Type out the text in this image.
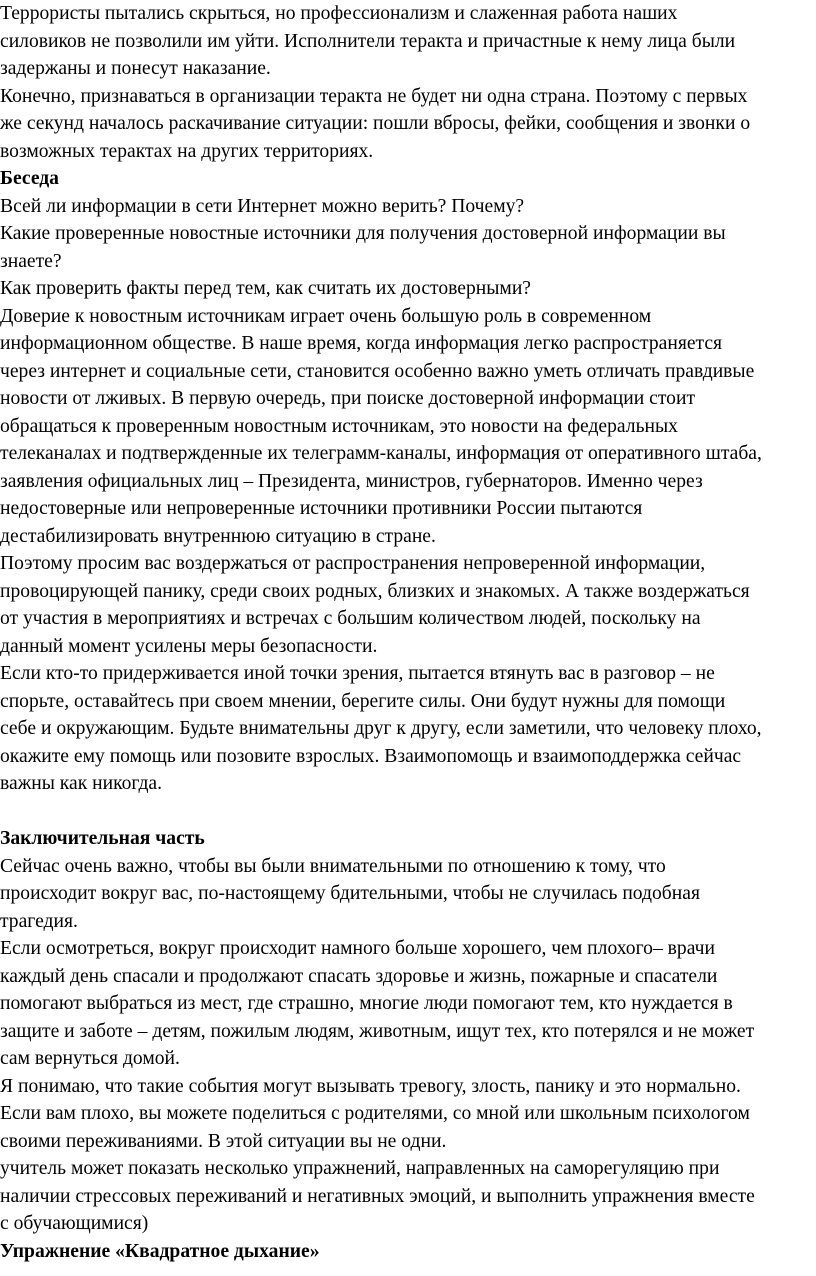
Террористы пытались скрыться, но профессионализм и слаженная работа наших
силовиков не позволили им уйти. Исполнители теракта и причастные к нему лица были
задержаны и понесут наказание.

Конечно, признаваться в организации теракта не будет ни одна страна. Поэтому с первых
же секунд началось раскачивание ситуации: пошли вбросы, фейки, сообщения и звонки о
возможных терактах на других территориях.

Беседа

Всей ли информации в сети Интернет можно верить? Почему?

Какие проверенные новостные источники для получения достоверной информации вы
знаете?

Как проверить факты перед тем, как считать их достоверными?

Доверие к новостным источникам играет очень большую роль в современном
информационном обществе. В наше время, когда информация легко распространяется
через интернет и социальные сети, становится особенно важно уметь отличать правдивые
новости от лживых. В первую очередь, при поиске достоверной информации стоит
обращаться к проверенным новостным источникам, это новости на федеральных
телеканалах и подтвержденные их телеграмм-каналы, информация от оперативного штаба,
заявления официальных лиц – Президента, министров, губернаторов. Именно через
недостоверные или непроверенные источники противники России пытаются
дестабилизировать внутреннюю ситуацию в стране.

Поэтому просим вас воздержаться от распространения непроверенной информации,
провоцирующей панику, среди своих родных, близких и знакомых. А также воздержаться
от участия в мероприятиях и встречах с большим количеством людей, поскольку на
данный момент усилены меры безопасности.

Если кто-то придерживается иной точки зрения, пытается втянуть вас в разговор – не
спорьте, оставайтесь при своем мнении, берегите силы. Они будут нужны для помощи
себе и окружающим. Будьте внимательны друг к другу, если заметили, что человеку плохо,
окажите ему помощь или позовите взрослых. Взаимопомощь и взаимоподдержка сейчас
важны как никогда.

Заключительная часть

Сейчас очень важно, чтобы вы были внимательными по отношению к тому, что
происходит вокруг вас, по-настоящему бдительными, чтобы не случилась подобная
трагедия.

Если осмотреться, вокруг происходит намного больше хорошего, чем плохого– врачи
каждый день спасали и продолжают спасать здоровье и жизнь, пожарные и спасатели
помогают выбраться из мест, где страшно, многие люди помогают тем, кто нуждается в
защите и заботе – детям, пожилым людям, животным, ищут тех, кто потерялся и не может
сам вернуться домой.

Я понимаю, что такие события могут вызывать тревогу, злость, панику и это нормально.
Если вам плохо, вы можете поделиться с родителями, со мной или школьным психологом
своими переживаниями. В этой ситуации вы не одни.

учитель может показать несколько упражнений, направленных на саморегуляцию при
наличии стрессовых переживаний и негативных эмоций, и выполнить упражнения вместе
с обучающимися)

Упражнение «Квадратное дыхание»
